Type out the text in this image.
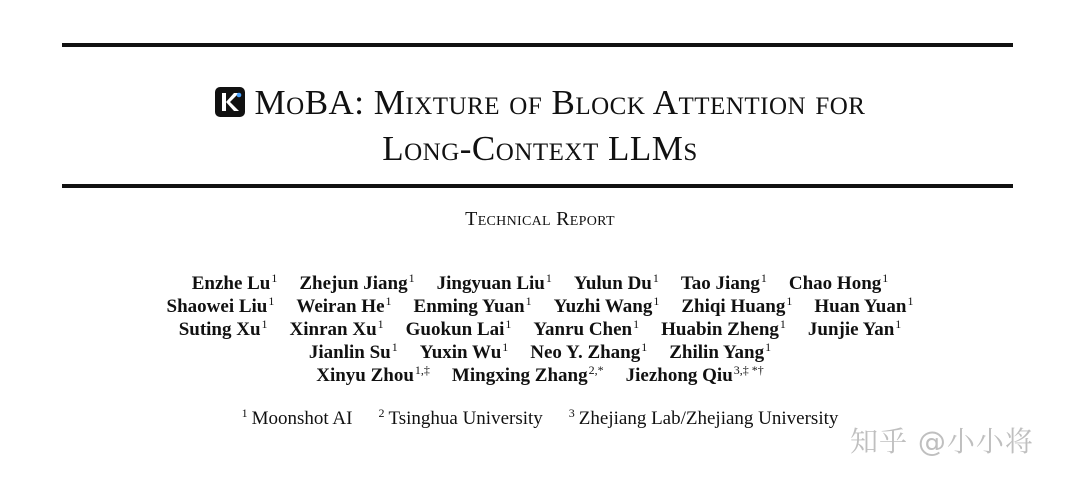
MoBA: Mixture of Block Attention for
Long-Context LLMs
Technical Report
Enzhe Lu$^1$ Zhejun Jiang$^1$ Jingyuan Liu$^1$ Yulun Du$^1$ Tao Jiang$^1$ Chao Hong$^1$
Shaowei Liu$^1$ Weiran He$^1$ Enming Yuan$^1$ Yuzhi Wang$^1$ Zhiqi Huang$^1$ Huan Yuan$^1$
Suting Xu$^1$ Xinran Xu$^1$ Guokun Lai$^1$ Yanru Chen$^1$ Huabin Zheng$^1$ Junjie Yan$^1$
Jianlin Su$^1$ Yuxin Wu$^1$ Neo Y. Zhang$^1$ Zhilin Yang$^1$
Xinyu Zhou$^{1,\ddagger}$ Mingxing Zhang$^{2,*}$ Jiezhong Qiu$^{3,\ddagger *\dagger}$
$^1$ Moonshot AI $^2$ Tsinghua University $^3$ Zhejiang Lab/Zhejiang University
知乎 @小小将
